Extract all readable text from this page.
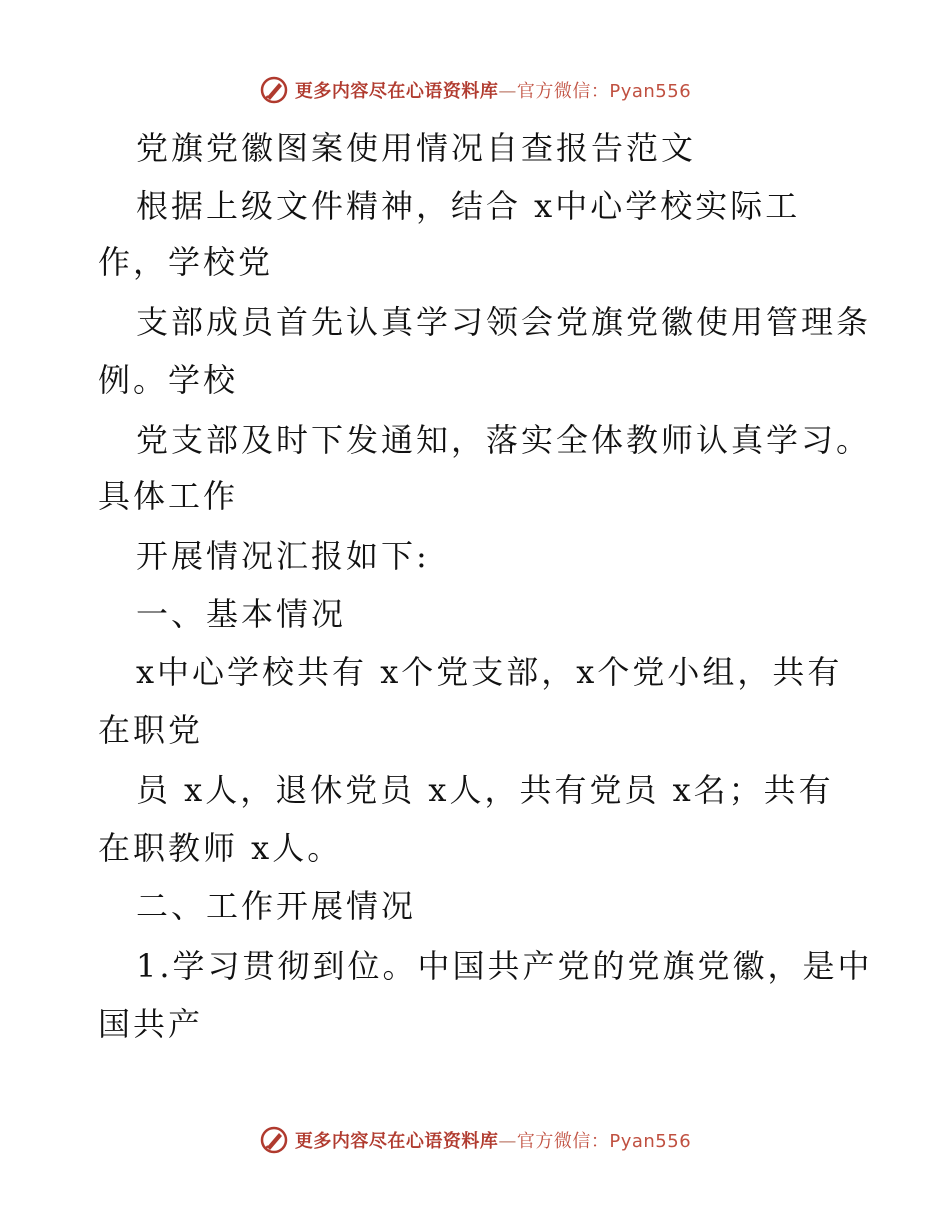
更多内容尽在心语资料库—官方微信：Pyan556
党旗党徽图案使用情况自查报告范文
根据上级文件精神，结合 x中心学校实际工
作，学校党
支部成员首先认真学习领会党旗党徽使用管理条
例。学校
党支部及时下发通知，落实全体教师认真学习。
具体工作
开展情况汇报如下:
一、基本情况
x中心学校共有 x个党支部，x个党小组，共有
在职党
员 x人，退休党员 x人，共有党员 x名；共有
在职教师 x人。
二、工作开展情况
1.学习贯彻到位。中国共产党的党旗党徽，是中
国共产
更多内容尽在心语资料库—官方微信：Pyan556
